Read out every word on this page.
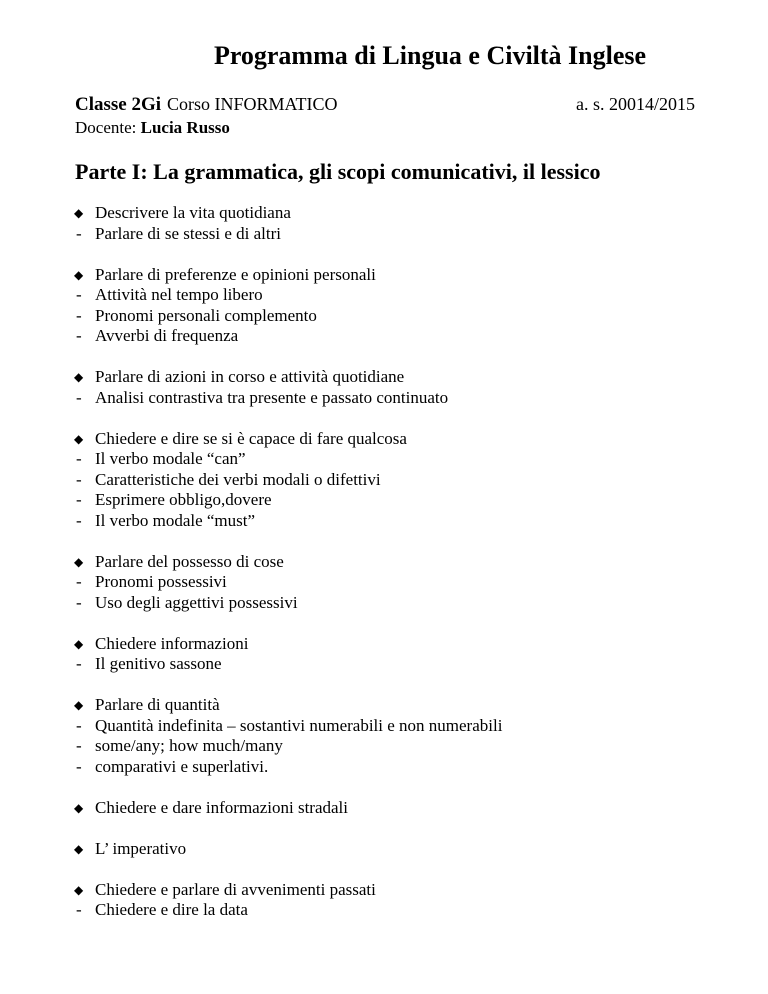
Programma di Lingua e Civiltà Inglese
Classe 2Gi Corso INFORMATICO	a. s. 20014/2015
Docente: Lucia Russo
Parte I: La grammatica, gli scopi comunicativi, il lessico
◆ Descrivere la vita quotidiana
- Parlare di se stessi e di altri
◆ Parlare di preferenze e opinioni personali
- Attività nel tempo libero
- Pronomi personali complemento
- Avverbi di frequenza
◆ Parlare di azioni in corso e attività quotidiane
- Analisi contrastiva tra presente e passato continuato
◆ Chiedere e dire se si è capace di fare qualcosa
- Il verbo modale “can”
- Caratteristiche dei verbi modali o difettivi
- Esprimere obbligo,dovere
- Il verbo modale “must”
◆ Parlare del possesso di cose
- Pronomi possessivi
- Uso degli aggettivi possessivi
◆ Chiedere informazioni
- Il genitivo sassone
◆ Parlare di quantità
- Quantità indefinita – sostantivi numerabili e non numerabili
- some/any; how much/many
- comparativi e superlativi.
◆ Chiedere e dare informazioni stradali
◆ L’ imperativo
◆ Chiedere e parlare di avvenimenti passati
- Chiedere e dire la data
